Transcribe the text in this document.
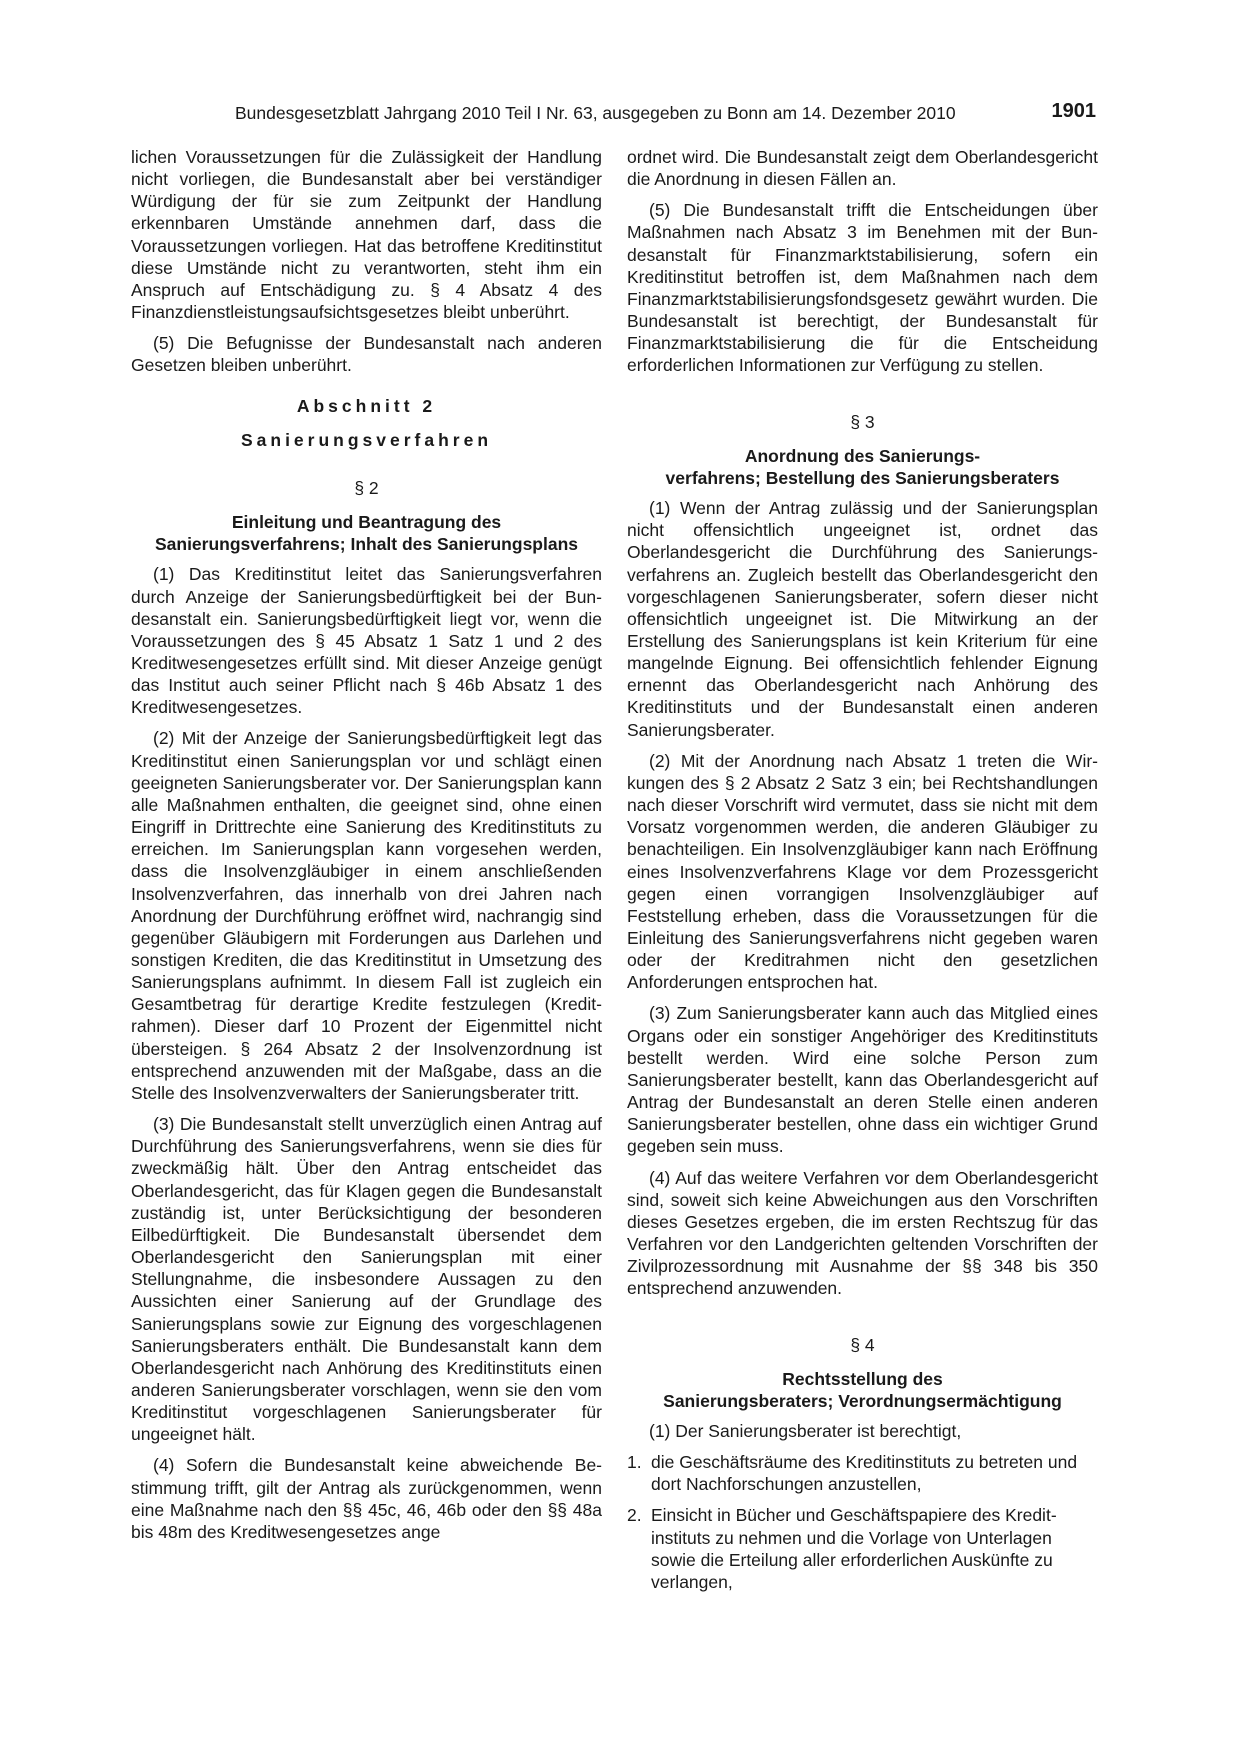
Bundesgesetzblatt Jahrgang 2010 Teil I Nr. 63, ausgegeben zu Bonn am 14. Dezember 2010	1901

lichen Voraussetzungen für die Zulässigkeit der Handlung nicht vorliegen, die Bundesanstalt aber bei verständiger Würdigung der für sie zum Zeitpunkt der Handlung erkennbaren Umstände annehmen darf, dass die Voraussetzungen vorliegen. Hat das betroffene Kreditinstitut diese Umstände nicht zu verantworten, steht ihm ein Anspruch auf Entschädigung zu. § 4 Absatz 4 des Finanzdienstleistungsaufsichtsgesetzes bleibt unberührt.

(5) Die Befugnisse der Bundesanstalt nach anderen Gesetzen bleiben unberührt.

Abschnitt 2
Sanierungsverfahren
§ 2
Einleitung und Beantragung des
Sanierungsverfahrens; Inhalt des Sanierungsplans

(1) Das Kreditinstitut leitet das Sanierungsverfahren durch Anzeige der Sanierungsbedürftigkeit bei der Bundesanstalt ein. Sanierungsbedürftigkeit liegt vor, wenn die Voraussetzungen des § 45 Absatz 1 Satz 1 und 2 des Kreditwesengesetzes erfüllt sind. Mit dieser Anzeige genügt das Institut auch seiner Pflicht nach § 46b Absatz 1 des Kreditwesengesetzes.

(2) Mit der Anzeige der Sanierungsbedürftigkeit legt das Kreditinstitut einen Sanierungsplan vor und schlägt einen geeigneten Sanierungsberater vor. Der Sanierungsplan kann alle Maßnahmen enthalten, die geeignet sind, ohne einen Eingriff in Drittrechte eine Sanierung des Kreditinstituts zu erreichen. Im Sanierungsplan kann vorgesehen werden, dass die Insolvenzgläubiger in einem anschließenden Insolvenzverfahren, das innerhalb von drei Jahren nach Anordnung der Durchführung eröffnet wird, nachrangig sind gegenüber Gläubigern mit Forderungen aus Darlehen und sonstigen Krediten, die das Kreditinstitut in Umsetzung des Sanierungsplans aufnimmt. In diesem Fall ist zugleich ein Gesamtbetrag für derartige Kredite festzulegen (Kreditrahmen). Dieser darf 10 Prozent der Eigenmittel nicht übersteigen. § 264 Absatz 2 der Insolvenzordnung ist entsprechend anzuwenden mit der Maßgabe, dass an die Stelle des Insolvenzverwalters der Sanierungsberater tritt.

(3) Die Bundesanstalt stellt unverzüglich einen Antrag auf Durchführung des Sanierungsverfahrens, wenn sie dies für zweckmäßig hält. Über den Antrag entscheidet das Oberlandesgericht, das für Klagen gegen die Bundesanstalt zuständig ist, unter Berücksichtigung der besonderen Eilbedürftigkeit. Die Bundesanstalt übersendet dem Oberlandesgericht den Sanierungsplan mit einer Stellungnahme, die insbesondere Aussagen zu den Aussichten einer Sanierung auf der Grundlage des Sanierungsplans sowie zur Eignung des vorgeschlagenen Sanierungsberaters enthält. Die Bundesanstalt kann dem Oberlandesgericht nach Anhörung des Kreditinstituts einen anderen Sanierungsberater vorschlagen, wenn sie den vom Kreditinstitut vorgeschlagenen Sanierungsberater für ungeeignet hält.

(4) Sofern die Bundesanstalt keine abweichende Bestimmung trifft, gilt der Antrag als zurückgenommen, wenn eine Maßnahme nach den §§ 45c, 46, 46b oder den §§ 48a bis 48m des Kreditwesengesetzes ange

ordnet wird. Die Bundesanstalt zeigt dem Oberlandesgericht die Anordnung in diesen Fällen an.

(5) Die Bundesanstalt trifft die Entscheidungen über Maßnahmen nach Absatz 3 im Benehmen mit der Bundesanstalt für Finanzmarktstabilisierung, sofern ein Kreditinstitut betroffen ist, dem Maßnahmen nach dem Finanzmarktstabilisierungsfondsgesetz gewährt wurden. Die Bundesanstalt ist berechtigt, der Bundesanstalt für Finanzmarktstabilisierung die für die Entscheidung erforderlichen Informationen zur Verfügung zu stellen.

§ 3
Anordnung des Sanierungs-
verfahrens; Bestellung des Sanierungsberaters

(1) Wenn der Antrag zulässig und der Sanierungsplan nicht offensichtlich ungeeignet ist, ordnet das Oberlandesgericht die Durchführung des Sanierungsverfahrens an. Zugleich bestellt das Oberlandesgericht den vorgeschlagenen Sanierungsberater, sofern dieser nicht offensichtlich ungeeignet ist. Die Mitwirkung an der Erstellung des Sanierungsplans ist kein Kriterium für eine mangelnde Eignung. Bei offensichtlich fehlender Eignung ernennt das Oberlandesgericht nach Anhörung des Kreditinstituts und der Bundesanstalt einen anderen Sanierungsberater.

(2) Mit der Anordnung nach Absatz 1 treten die Wirkungen des § 2 Absatz 2 Satz 3 ein; bei Rechtshandlungen nach dieser Vorschrift wird vermutet, dass sie nicht mit dem Vorsatz vorgenommen werden, die anderen Gläubiger zu benachteiligen. Ein Insolvenzgläubiger kann nach Eröffnung eines Insolvenzverfahrens Klage vor dem Prozessgericht gegen einen vorrangigen Insolvenzgläubiger auf Feststellung erheben, dass die Voraussetzungen für die Einleitung des Sanierungsverfahrens nicht gegeben waren oder der Kreditrahmen nicht den gesetzlichen Anforderungen entsprochen hat.

(3) Zum Sanierungsberater kann auch das Mitglied eines Organs oder ein sonstiger Angehöriger des Kreditinstituts bestellt werden. Wird eine solche Person zum Sanierungsberater bestellt, kann das Oberlandesgericht auf Antrag der Bundesanstalt an deren Stelle einen anderen Sanierungsberater bestellen, ohne dass ein wichtiger Grund gegeben sein muss.

(4) Auf das weitere Verfahren vor dem Oberlandesgericht sind, soweit sich keine Abweichungen aus den Vorschriften dieses Gesetzes ergeben, die im ersten Rechtszug für das Verfahren vor den Landgerichten geltenden Vorschriften der Zivilprozessordnung mit Ausnahme der §§ 348 bis 350 entsprechend anzuwenden.

§ 4
Rechtsstellung des
Sanierungsberaters; Verordnungsermächtigung

(1) Der Sanierungsberater ist berechtigt,

1. die Geschäftsräume des Kreditinstituts zu betreten und dort Nachforschungen anzustellen,
2. Einsicht in Bücher und Geschäftspapiere des Kreditinstituts zu nehmen und die Vorlage von Unterlagen sowie die Erteilung aller erforderlichen Auskünfte zu verlangen,
